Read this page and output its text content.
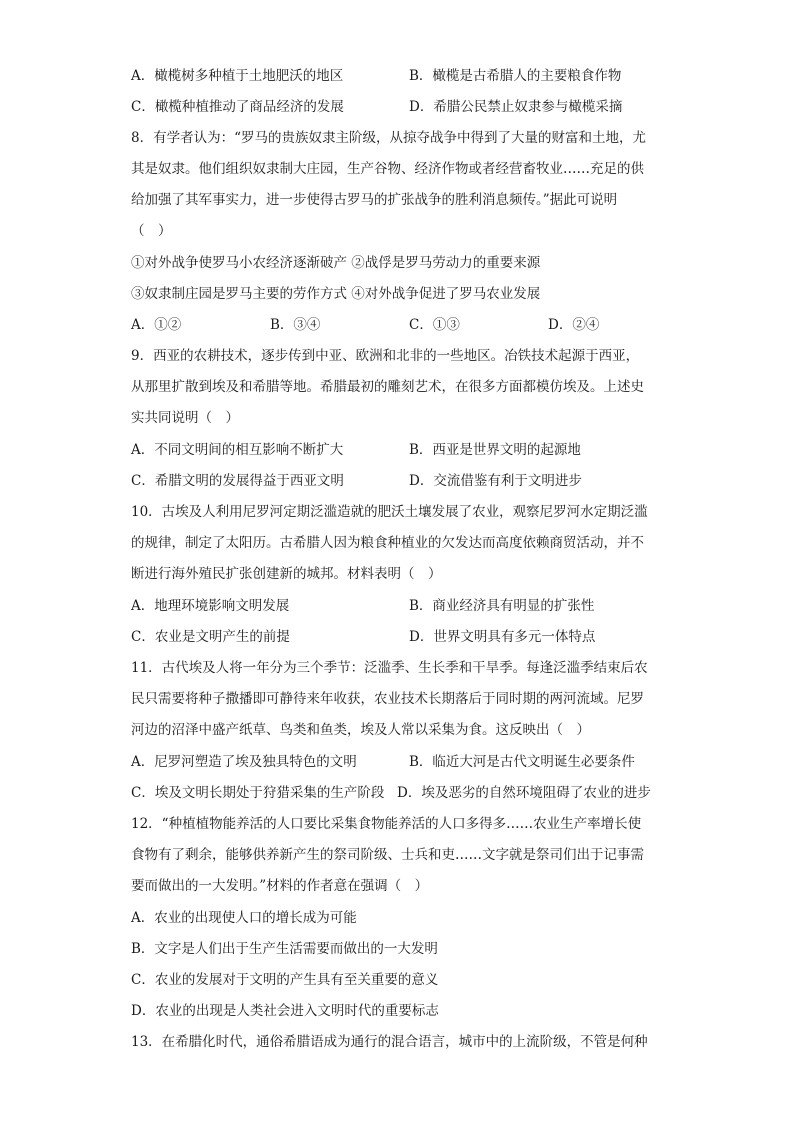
A．橄榄树多种植于土地肥沃的地区	B．橄榄是古希腊人的主要粮食作物
C．橄榄种植推动了商品经济的发展	D．希腊公民禁止奴隶参与橄榄采摘
8．有学者认为：“罗马的贵族奴隶主阶级，从掠夺战争中得到了大量的财富和土地，尤
其是奴隶。他们组织奴隶制大庄园，生产谷物、经济作物或者经营畜牧业……充足的供
给加强了其军事实力，进一步使得古罗马的扩张战争的胜利消息频传。”据此可说明
（　）
①对外战争使罗马小农经济逐渐破产 ②战俘是罗马劳动力的重要来源
③奴隶制庄园是罗马主要的劳作方式 ④对外战争促进了罗马农业发展
A．①②	B．③④	C．①③	D．②④
9．西亚的农耕技术，逐步传到中亚、欧洲和北非的一些地区。冶铁技术起源于西亚，
从那里扩散到埃及和希腊等地。希腊最初的雕刻艺术，在很多方面都模仿埃及。上述史
实共同说明（　）
A．不同文明间的相互影响不断扩大	B．西亚是世界文明的起源地
C．希腊文明的发展得益于西亚文明	D．交流借鉴有利于文明进步
10．古埃及人利用尼罗河定期泛滥造就的肥沃土壤发展了农业，观察尼罗河水定期泛滥
的规律，制定了太阳历。古希腊人因为粮食种植业的欠发达而高度依赖商贸活动，并不
断进行海外殖民扩张创建新的城邦。材料表明（　）
A．地理环境影响文明发展	B．商业经济具有明显的扩张性
C．农业是文明产生的前提	D．世界文明具有多元一体特点
11．古代埃及人将一年分为三个季节：泛滥季、生长季和干旱季。每逢泛滥季结束后农
民只需要将种子撒播即可静待来年收获，农业技术长期落后于同时期的两河流域。尼罗
河边的沼泽中盛产纸草、鸟类和鱼类，埃及人常以采集为食。这反映出（　）
A．尼罗河塑造了埃及独具特色的文明	B．临近大河是古代文明诞生必要条件
C．埃及文明长期处于狩猎采集的生产阶段 D．埃及恶劣的自然环境阻碍了农业的进步
12．“种植植物能养活的人口要比采集食物能养活的人口多得多……农业生产率增长使
食物有了剩余，能够供养新产生的祭司阶级、士兵和吏……文字就是祭司们出于记事需
要而做出的一大发明。”材料的作者意在强调（　）
A．农业的出现使人口的增长成为可能
B．文字是人们出于生产生活需要而做出的一大发明
C．农业的发展对于文明的产生具有至关重要的意义
D．农业的出现是人类社会进入文明时代的重要标志
13．在希腊化时代，通俗希腊语成为通行的混合语言，城市中的上流阶级，不管是何种
